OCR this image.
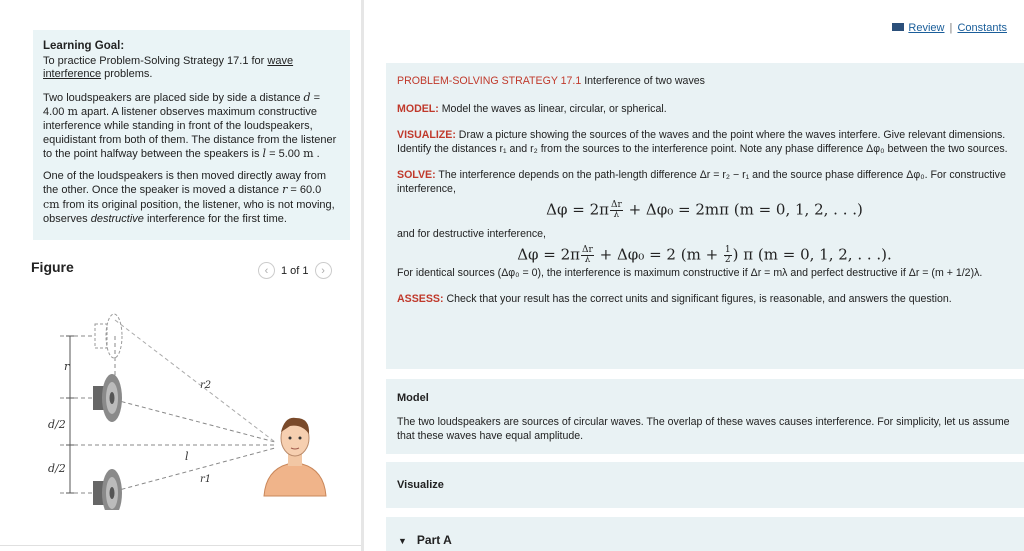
Learning Goal:

To practice Problem-Solving Strategy 17.1 for wave interference problems.

Two loudspeakers are placed side by side a distance d = 4.00 m apart. A listener observes maximum constructive interference while standing in front of the loudspeakers, equidistant from both of them. The distance from the listener to the point halfway between the speakers is l = 5.00 m .

One of the loudspeakers is then moved directly away from the other. Once the speaker is moved a distance r = 60.0 cm from its original position, the listener, who is not moving, observes destructive interference for the first time.

Figure	‹	1 of 1	›
r
d/2
d/2
r2
r1
l
Review | Constants
PROBLEM-SOLVING STRATEGY 17.1 Interference of two waves

MODEL: Model the waves as linear, circular, or spherical.

VISUALIZE: Draw a picture showing the sources of the waves and the point where the waves interfere. Give relevant dimensions. Identify the distances r₁ and r₂ from the sources to the interference point. Note any phase difference Δφ₀ between the two sources.

SOLVE: The interference depends on the path-length difference Δr = r₂ − r₁ and the source phase difference Δφ₀. For constructive interference,

$\Delta\varphi = 2\pi \frac{\Delta r}{\lambda} + \Delta\varphi_0 = 2m\pi$ (m = 0, 1, 2, . . .)

and for destructive interference,

$\Delta\varphi = 2\pi \frac{\Delta r}{\lambda} + \Delta\varphi_0 = 2$ ($m + \frac{1}{2}$ ) π (m = 0, 1, 2, . . .).

For identical sources (Δφ₀ = 0), the interference is maximum constructive if Δr = mλ and perfect destructive if Δr = (m + 1/2)λ.

ASSESS: Check that your result has the correct units and significant figures, is reasonable, and answers the question.

Model
The two loudspeakers are sources of circular waves. The overlap of these waves causes interference. For simplicity, let us assume that these waves have equal amplitude.
Visualize
▼ Part A
